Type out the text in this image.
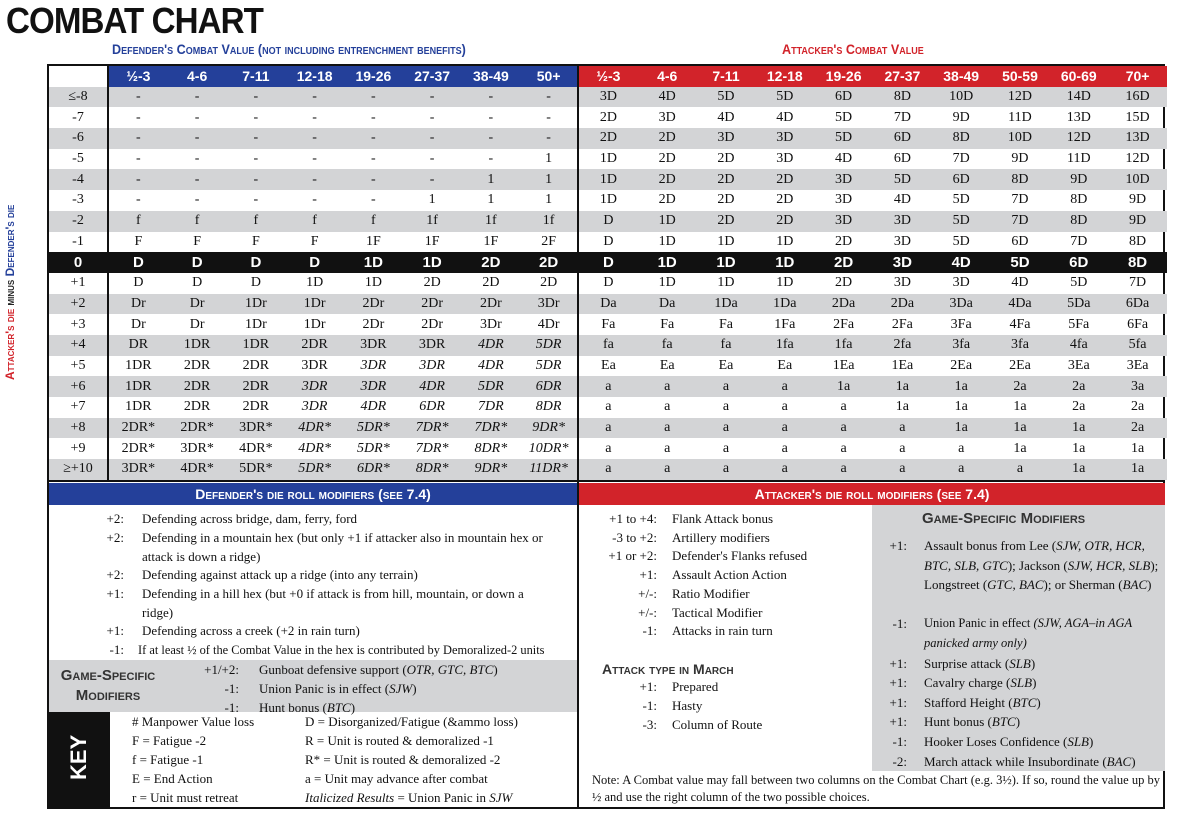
COMBAT CHART
Defender's Combat Value (not including entrenchment benefits)	Attacker's Combat Value
Attacker's die minus Defender's die
½-3	4-6	7-11	12-18	19-26	27-37	38-49	50+	½-3	4-6	7-11	12-18	19-26	27-37	38-49	50-59	60-69	70+
≤-8	-	-	-	-	-	-	-	-	3D	4D	5D	5D	6D	8D	10D	12D	14D	16D
-7	-	-	-	-	-	-	-	-	2D	3D	4D	4D	5D	7D	9D	11D	13D	15D
-6	-	-	-	-	-	-	-	-	2D	2D	3D	3D	5D	6D	8D	10D	12D	13D
-5	-	-	-	-	-	-	-	1	1D	2D	2D	3D	4D	6D	7D	9D	11D	12D
-4	-	-	-	-	-	-	1	1	1D	2D	2D	2D	3D	5D	6D	8D	9D	10D
-3	-	-	-	-	-	1	1	1	1D	2D	2D	2D	3D	4D	5D	7D	8D	9D
-2	f	f	f	f	f	1f	1f	1f	D	1D	2D	2D	3D	3D	5D	7D	8D	9D
-1	F	F	F	F	1F	1F	1F	2F	D	1D	1D	1D	2D	3D	5D	6D	7D	8D
0	D	D	D	D	1D	1D	2D	2D	D	1D	1D	1D	2D	3D	4D	5D	6D	8D
+1	D	D	D	1D	1D	2D	2D	2D	D	1D	1D	1D	2D	3D	3D	4D	5D	7D
+2	Dr	Dr	1Dr	1Dr	2Dr	2Dr	2Dr	3Dr	Da	Da	1Da	1Da	2Da	2Da	3Da	4Da	5Da	6Da
+3	Dr	Dr	1Dr	1Dr	2Dr	2Dr	3Dr	4Dr	Fa	Fa	Fa	1Fa	2Fa	2Fa	3Fa	4Fa	5Fa	6Fa
+4	DR	1DR	1DR	2DR	3DR	3DR	4DR	5DR	fa	fa	fa	1fa	1fa	2fa	3fa	3fa	4fa	5fa
+5	1DR	2DR	2DR	3DR	3DR	3DR	4DR	5DR	Ea	Ea	Ea	Ea	1Ea	1Ea	2Ea	2Ea	3Ea	3Ea
+6	1DR	2DR	2DR	3DR	3DR	4DR	5DR	6DR	a	a	a	a	1a	1a	1a	2a	2a	3a
+7	1DR	2DR	2DR	3DR	4DR	6DR	7DR	8DR	a	a	a	a	a	1a	1a	1a	2a	2a
+8	2DR*	2DR*	3DR*	4DR*	5DR*	7DR*	7DR*	9DR*	a	a	a	a	a	a	1a	1a	1a	2a
+9	2DR*	3DR*	4DR*	4DR*	5DR*	7DR*	8DR*	10DR*	a	a	a	a	a	a	a	1a	1a	1a
≥+10	3DR*	4DR*	5DR*	5DR*	6DR*	8DR*	9DR*	11DR*	a	a	a	a	a	a	a	a	1a	1a
Defender's die roll modifiers (see 7.4)	Attacker's die roll modifiers (see 7.4)
+2: Defending across bridge, dam, ferry, ford
+2: Defending in a mountain hex (but only +1 if attacker also in mountain hex or attack is down a ridge)
+2: Defending against attack up a ridge (into any terrain)
+1: Defending in a hill hex (but +0 if attack is from hill, mountain, or down a ridge)
+1: Defending across a creek (+2 in rain turn)
-1: If at least ½ of the Combat Value in the hex is contributed by Demoralized-2 units
Game-Specific Modifiers
+1/+2: Gunboat defensive support (OTR, GTC, BTC)
-1: Union Panic is in effect (SJW)
-1: Hunt bonus (BTC)
KEY
# Manpower Value loss
F = Fatigue -2
f = Fatigue -1
E = End Action
r = Unit must retreat
D = Disorganized/Fatigue (&ammo loss)
R = Unit is routed & demoralized -1
R* = Unit is routed & demoralized -2
a = Unit may advance after combat
Italicized Results = Union Panic in SJW
+1 to +4: Flank Attack bonus
-3 to +2: Artillery modifiers
+1 or +2: Defender's Flanks refused
+1: Assault Action Action
+/-: Ratio Modifier
+/-: Tactical Modifier
-1: Attacks in rain turn
+1: Prepared
-1: Hasty
-3: Column of Route
Attack type in March
Game-Specific Modifiers
+1: Assault bonus from Lee (SJW, OTR, HCR, BTC, SLB, GTC); Jackson (SJW, HCR, SLB); Longstreet (GTC, BAC); or Sherman (BAC)
-1: Union Panic in effect (SJW, AGA–in AGA panicked army only)
+1: Surprise attack (SLB)
+1: Cavalry charge (SLB)
+1: Stafford Height (BTC)
+1: Hunt bonus (BTC)
-1: Hooker Loses Confidence (SLB)
-2: March attack while Insubordinate (BAC)
Note: A Combat value may fall between two columns on the Combat Chart (e.g. 3½). If so, round the value up by ½ and use the right column of the two possible choices.
